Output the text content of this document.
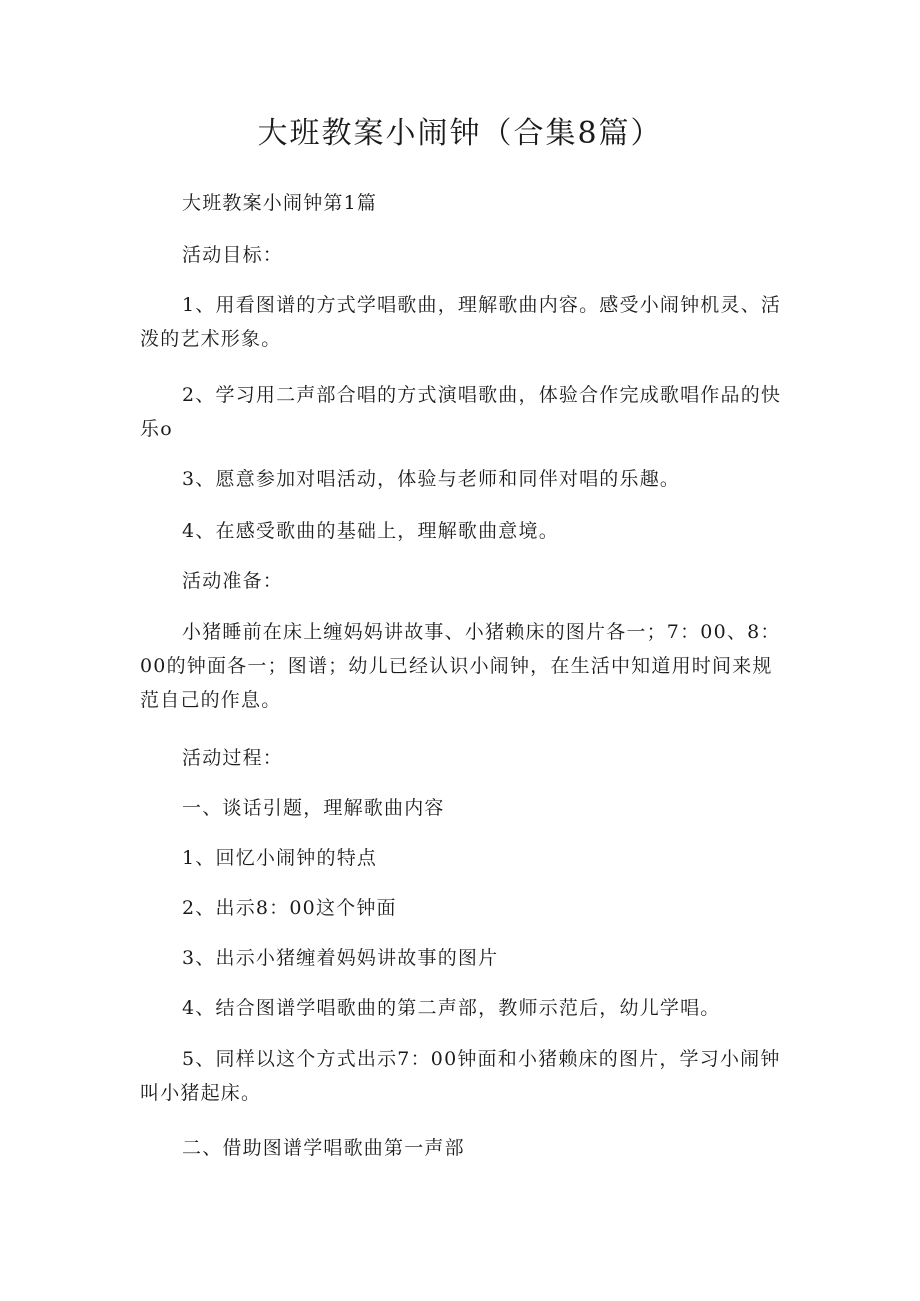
大班教案小闹钟（合集8篇）

大班教案小闹钟第1篇

活动目标：

1、用看图谱的方式学唱歌曲，理解歌曲内容。感受小闹钟机灵、活泼的艺术形象。

2、学习用二声部合唱的方式演唱歌曲，体验合作完成歌唱作品的快乐o

3、愿意参加对唱活动，体验与老师和同伴对唱的乐趣。

4、在感受歌曲的基础上，理解歌曲意境。

活动准备：

小猪睡前在床上缠妈妈讲故事、小猪赖床的图片各一；7：00、8：00的钟面各一；图谱；幼儿已经认识小闹钟，在生活中知道用时间来规范自己的作息。

活动过程：

一、谈话引题，理解歌曲内容

1、回忆小闹钟的特点

2、出示8：00这个钟面

3、出示小猪缠着妈妈讲故事的图片

4、结合图谱学唱歌曲的第二声部，教师示范后，幼儿学唱。

5、同样以这个方式出示7：00钟面和小猪赖床的图片，学习小闹钟叫小猪起床。

二、借助图谱学唱歌曲第一声部
